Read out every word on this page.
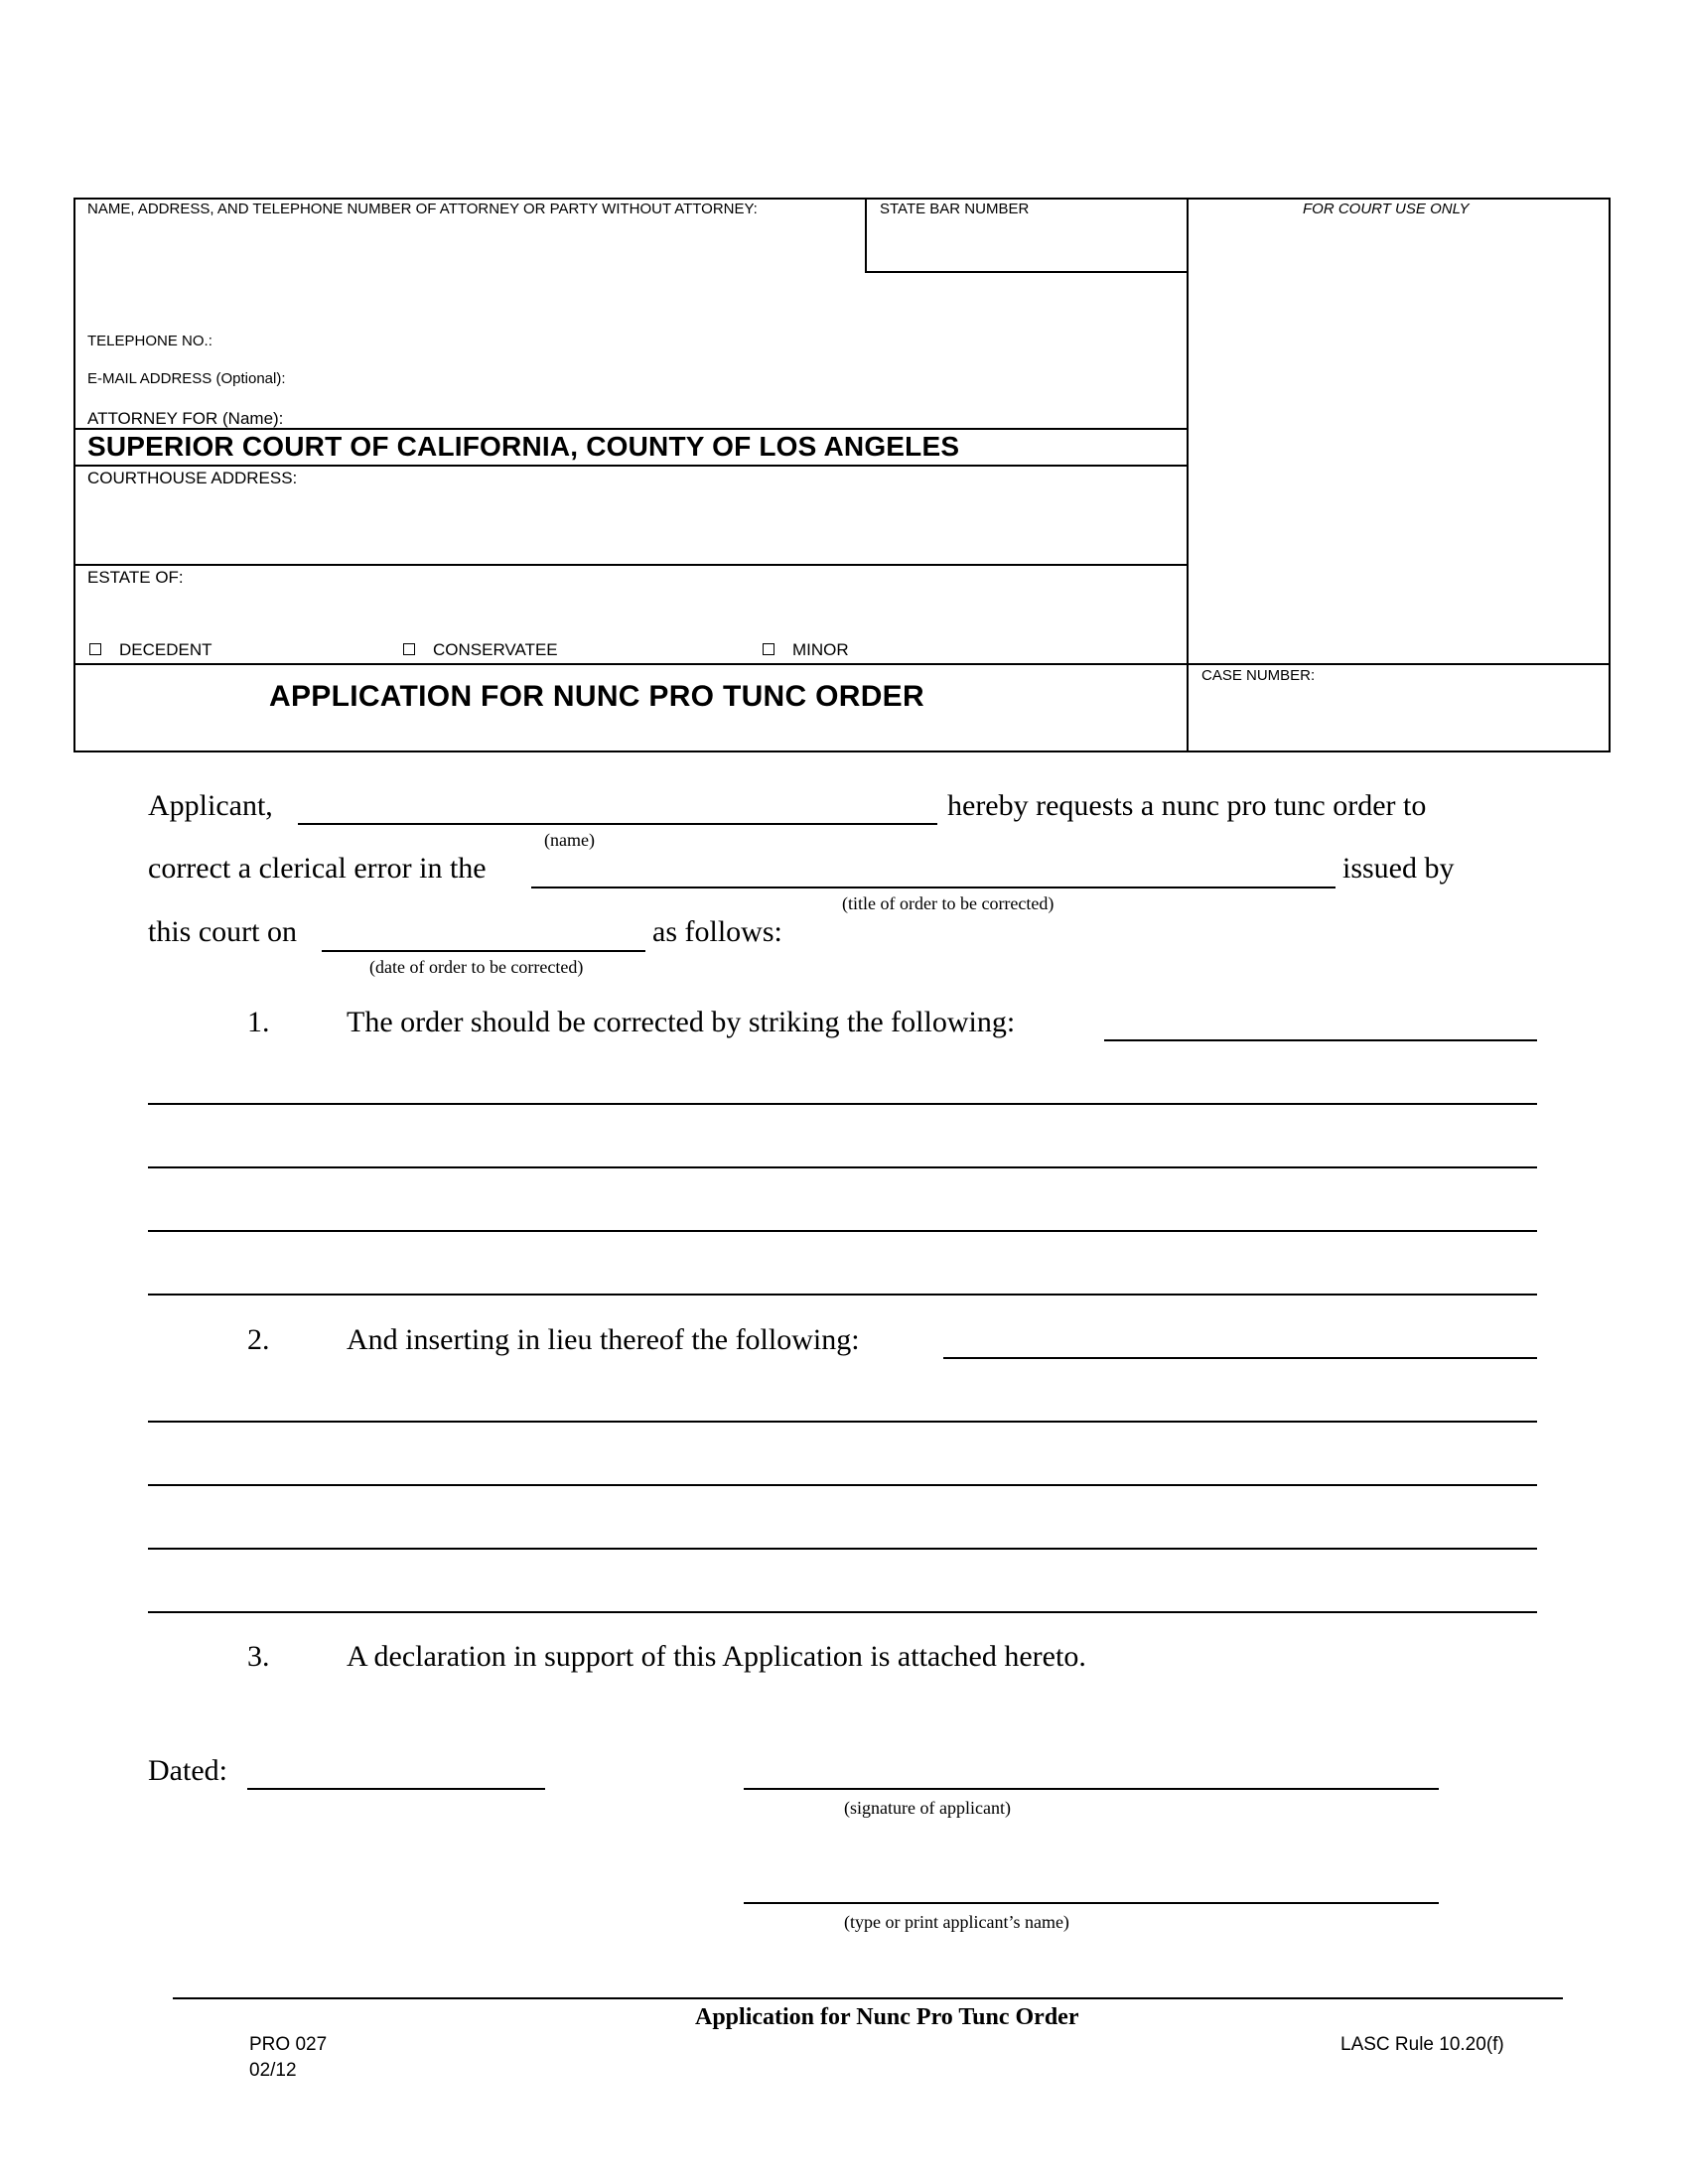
NAME, ADDRESS, AND TELEPHONE NUMBER OF ATTORNEY OR PARTY WITHOUT ATTORNEY:	STATE BAR NUMBER	FOR COURT USE ONLY
TELEPHONE NO.:
E-MAIL ADDRESS (Optional):
ATTORNEY FOR (Name):
SUPERIOR COURT OF CALIFORNIA, COUNTY OF LOS ANGELES
COURTHOUSE ADDRESS:
ESTATE OF:
DECEDENT	CONSERVATEE	MINOR
APPLICATION FOR NUNC PRO TUNC ORDER
CASE NUMBER:
Applicant,	hereby requests a nunc pro tunc order to
(name)
correct a clerical error in the	issued by
(title of order to be corrected)
this court on	as follows:
(date of order to be corrected)
1.	The order should be corrected by striking the following:
2.	And inserting in lieu thereof the following:
3.	A declaration in support of this Application is attached hereto.
Dated:
(signature of applicant)
(type or print applicant’s name)
Application for Nunc Pro Tunc Order
PRO 027
02/12
LASC Rule 10.20(f)
